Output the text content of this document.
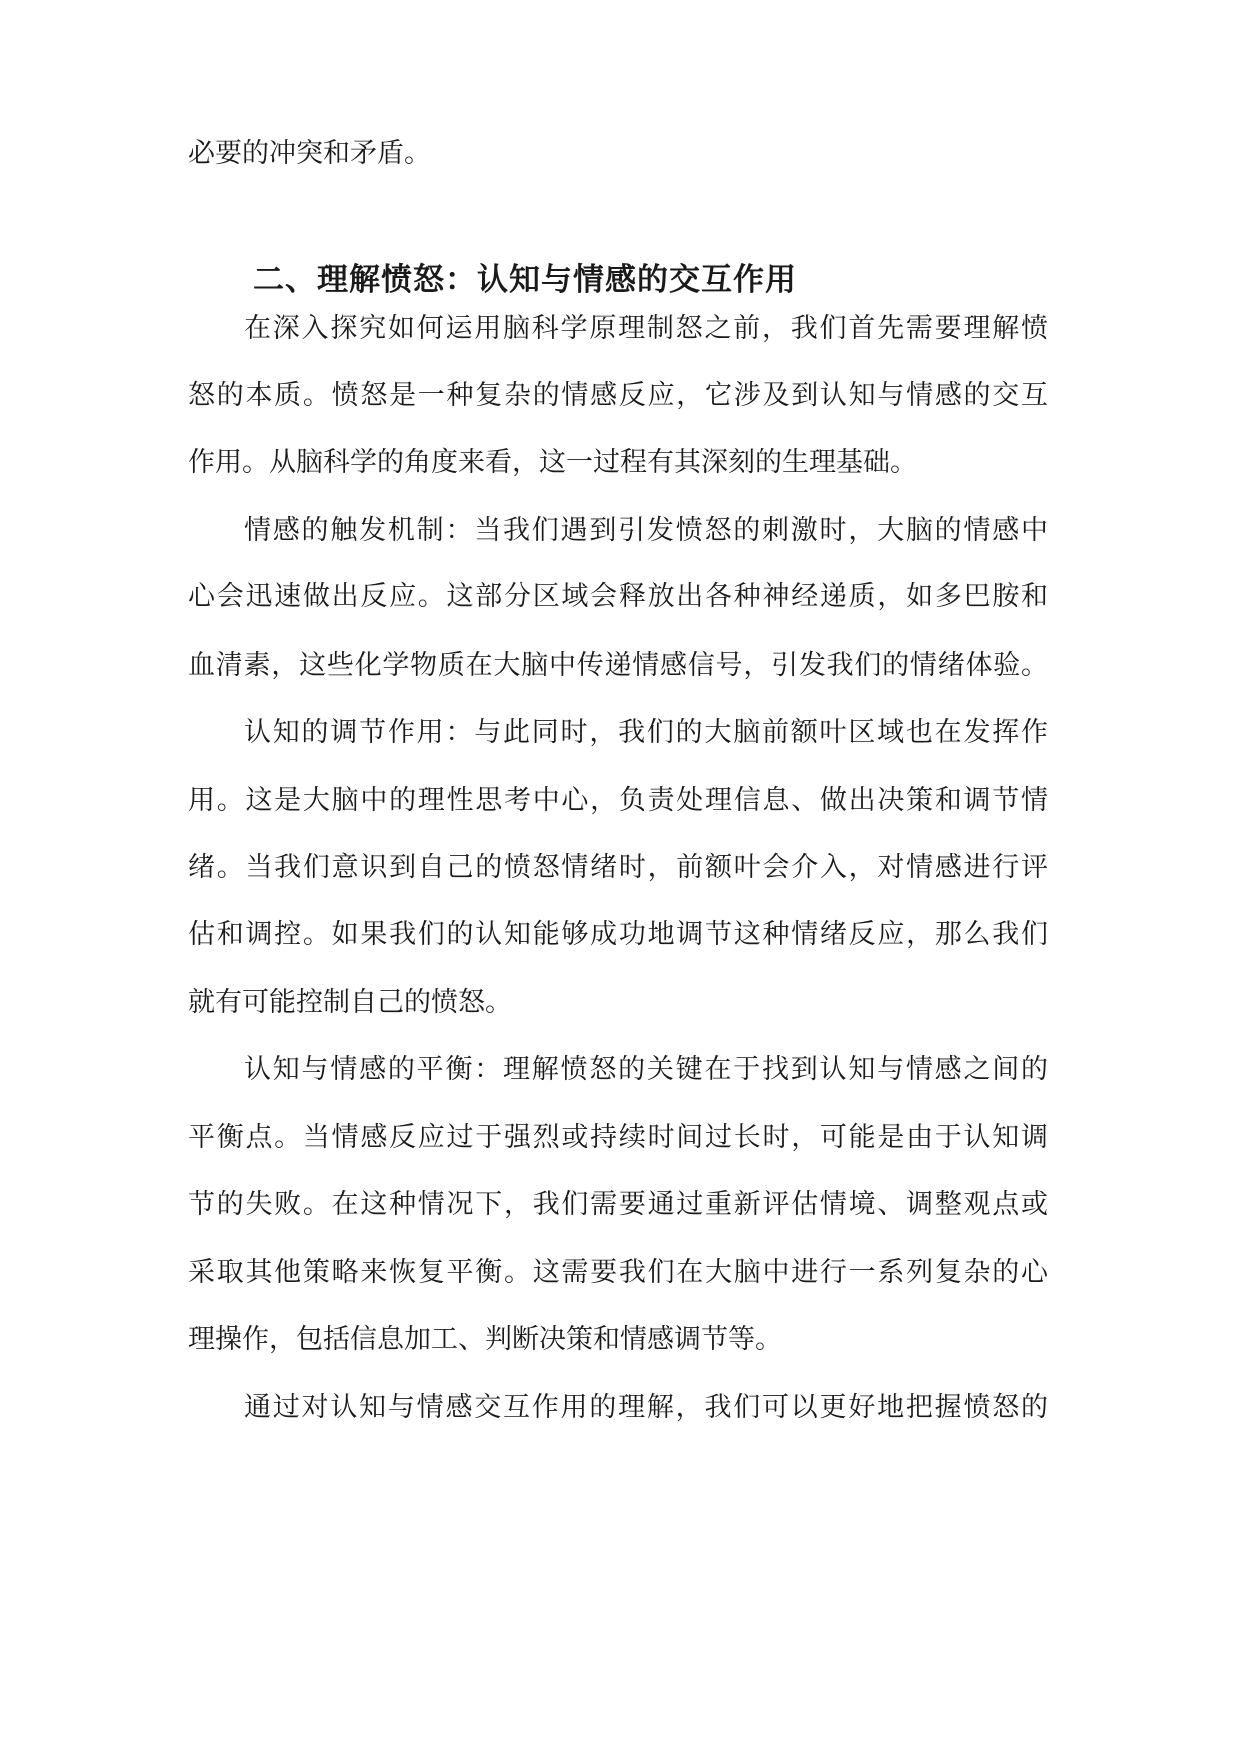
必要的冲突和矛盾。
二、理解愤怒：认知与情感的交互作用
在深入探究如何运用脑科学原理制怒之前，我们首先需要理解愤
怒的本质。愤怒是一种复杂的情感反应，它涉及到认知与情感的交互
作用。从脑科学的角度来看，这一过程有其深刻的生理基础。
情感的触发机制：当我们遇到引发愤怒的刺激时，大脑的情感中
心会迅速做出反应。这部分区域会释放出各种神经递质，如多巴胺和
血清素，这些化学物质在大脑中传递情感信号，引发我们的情绪体验。
认知的调节作用：与此同时，我们的大脑前额叶区域也在发挥作
用。这是大脑中的理性思考中心，负责处理信息、做出决策和调节情
绪。当我们意识到自己的愤怒情绪时，前额叶会介入，对情感进行评
估和调控。如果我们的认知能够成功地调节这种情绪反应，那么我们
就有可能控制自己的愤怒。
认知与情感的平衡：理解愤怒的关键在于找到认知与情感之间的
平衡点。当情感反应过于强烈或持续时间过长时，可能是由于认知调
节的失败。在这种情况下，我们需要通过重新评估情境、调整观点或
采取其他策略来恢复平衡。这需要我们在大脑中进行一系列复杂的心
理操作，包括信息加工、判断决策和情感调节等。
通过对认知与情感交互作用的理解，我们可以更好地把握愤怒的
